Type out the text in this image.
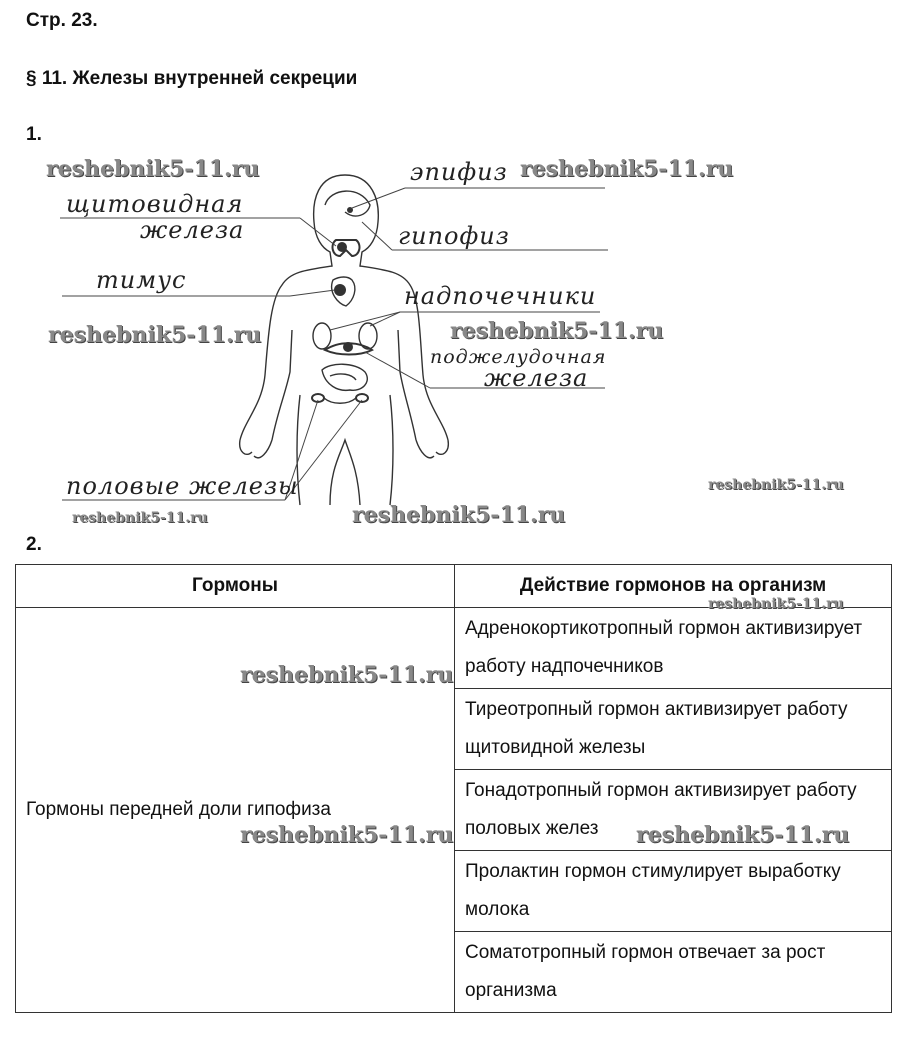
Стр. 23.
§ 11. Железы внутренней секреции
1.
эпифиз
щитовидная
железа	гипофиз
тимус
надпочечники
поджелудочная
железа
половые железы
2.
Гормоны	Действие гормонов на организм
Гормоны передней доли гипофиза	Адренокортикотропный гормон активизирует работу надпочечников
	Тиреотропный гормон активизирует работу щитовидной железы
	Гонадотропный гормон активизирует работу половых желез
	Пролактин гормон стимулирует выработку молока
	Соматотропный гормон отвечает за рост организма
reshebnik5-11.ru	reshebnik5-11.ru
reshebnik5-11.ru	reshebnik5-11.ru
reshebnik5-11.ru
reshebnik5-11.ru	reshebnik5-11.ru
reshebnik5-11.ru
reshebnik5-11.ru
reshebnik5-11.ru	reshebnik5-11.ru
